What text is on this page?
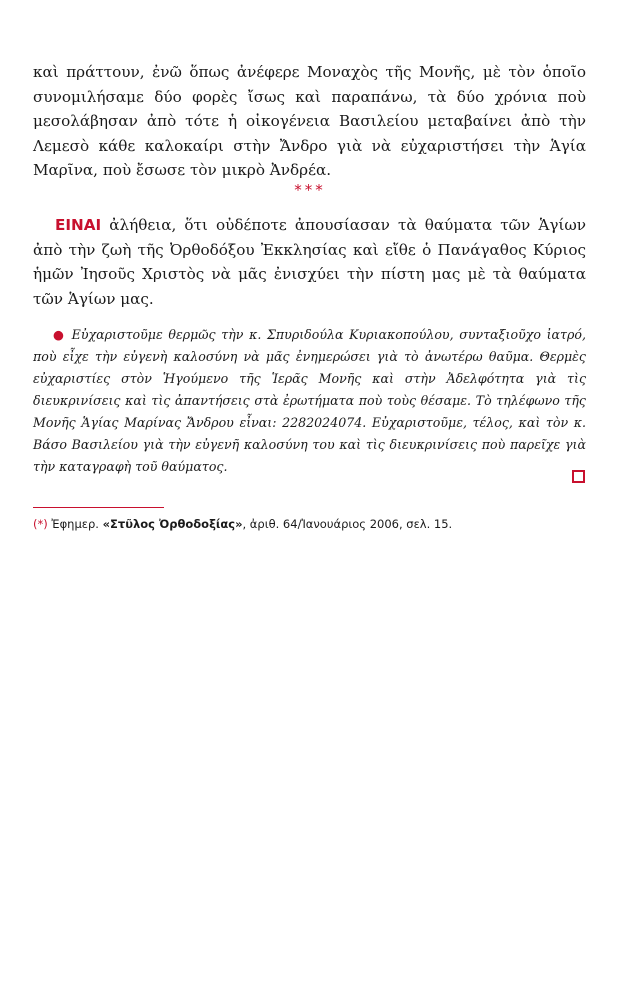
καὶ πράττουν, ἐνῶ ὅπως ἀνέφερε Μοναχὸς τῆς Μονῆς, μὲ τὸν ὁποῖο συνομιλήσαμε δύο φορὲς ἴσως καὶ παραπάνω, τὰ δύο χρόνια ποὺ μεσολάβησαν ἀπὸ τότε ἡ οἰκογένεια Βασιλείου μεταβαίνει ἀπὸ τὴν Λεμεσὸ κάθε καλοκαίρι στὴν Ἄνδρο γιὰ νὰ εὐχαριστήσει τὴν Ἁγία Μαρῖνα, ποὺ ἔσωσε τὸν μικρὸ Ἀνδρέα.

***

ΕΙΝΑΙ ἀλήθεια, ὅτι οὐδέποτε ἀπουσίασαν τὰ θαύματα τῶν Ἁγίων ἀπὸ τὴν ζωὴ τῆς Ὀρθοδόξου Ἐκκλησίας καὶ εἴθε ὁ Πανάγαθος Κύριος ἡμῶν Ἰησοῦς Χριστὸς νὰ μᾶς ἐνισχύει τὴν πίστη μας μὲ τὰ θαύματα τῶν Ἁγίων μας.

● Εὐχαριστοῦμε θερμῶς τὴν κ. Σπυριδούλα Κυριακοπούλου, συνταξιοῦχο ἰατρό, ποὺ εἶχε τὴν εὐγενὴ καλοσύνη νὰ μᾶς ἐνημερώσει γιὰ τὸ ἀνωτέρω θαῦμα. Θερμὲς εὐχαριστίες στὸν Ἡγούμενο τῆς Ἱερᾶς Μονῆς καὶ στὴν Ἀδελφότητα γιὰ τὶς διευκρινίσεις καὶ τὶς ἀπαντήσεις στὰ ἐρωτήματα ποὺ τοὺς θέσαμε. Τὸ τηλέφωνο τῆς Μονῆς Ἁγίας Μαρίνας Ἄνδρου εἶναι: 2282024074. Εὐχαριστοῦμε, τέλος, καὶ τὸν κ. Βάσο Βασιλείου γιὰ τὴν εὐγενῆ καλοσύνη του καὶ τὶς διευκρινίσεις ποὺ παρεῖχε γιὰ τὴν καταγραφὴ τοῦ θαύματος.

(*) Ἐφημερ. «Στῦλος Ὀρθοδοξίας», ἀριθ. 64/Ἰανουάριος 2006, σελ. 15.
